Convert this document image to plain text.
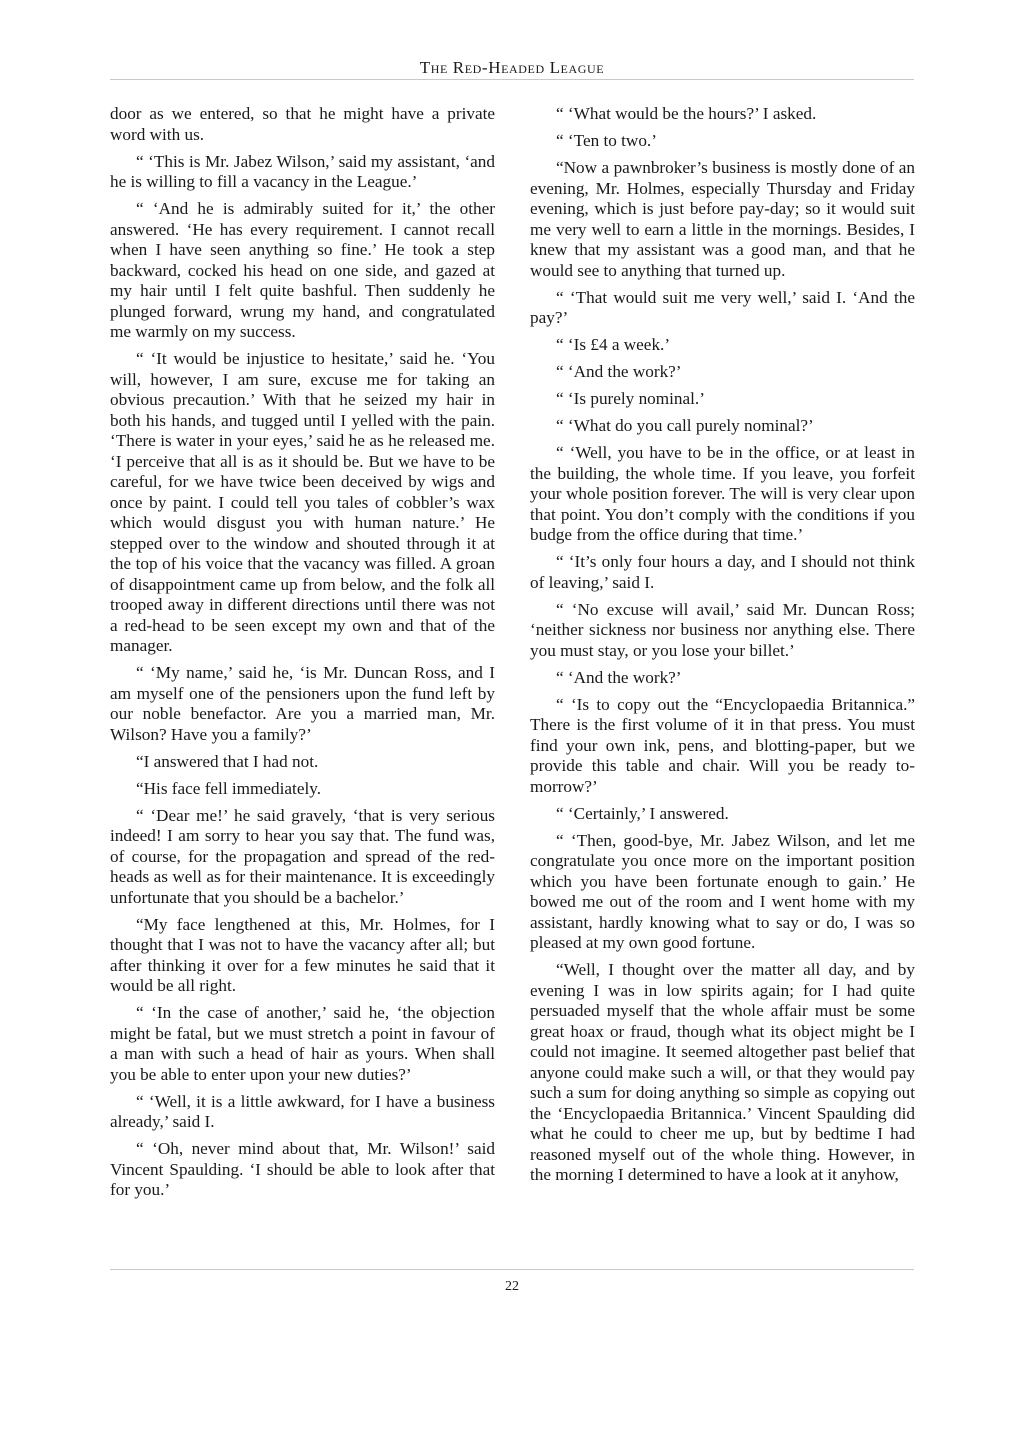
The Red-Headed League

door as we entered, so that he might have a private word with us.

“ ‘This is Mr. Jabez Wilson,’ said my assistant, ‘and he is willing to fill a vacancy in the League.’

“ ‘And he is admirably suited for it,’ the other answered. ‘He has every requirement. I cannot recall when I have seen anything so fine.’ He took a step backward, cocked his head on one side, and gazed at my hair until I felt quite bashful. Then suddenly he plunged forward, wrung my hand, and congratulated me warmly on my success.

“ ‘It would be injustice to hesitate,’ said he. ‘You will, however, I am sure, excuse me for taking an obvious precaution.’ With that he seized my hair in both his hands, and tugged until I yelled with the pain. ‘There is water in your eyes,’ said he as he released me. ‘I perceive that all is as it should be. But we have to be careful, for we have twice been deceived by wigs and once by paint. I could tell you tales of cobbler’s wax which would disgust you with human nature.’ He stepped over to the window and shouted through it at the top of his voice that the vacancy was filled. A groan of disappointment came up from below, and the folk all trooped away in different directions until there was not a red-head to be seen except my own and that of the manager.

“ ‘My name,’ said he, ‘is Mr. Duncan Ross, and I am myself one of the pensioners upon the fund left by our noble benefactor. Are you a married man, Mr. Wilson? Have you a family?’

“I answered that I had not.

“His face fell immediately.

“ ‘Dear me!’ he said gravely, ‘that is very serious indeed! I am sorry to hear you say that. The fund was, of course, for the propagation and spread of the red-heads as well as for their maintenance. It is exceedingly unfortunate that you should be a bachelor.’

“My face lengthened at this, Mr. Holmes, for I thought that I was not to have the vacancy after all; but after thinking it over for a few minutes he said that it would be all right.

“ ‘In the case of another,’ said he, ‘the objection might be fatal, but we must stretch a point in favour of a man with such a head of hair as yours. When shall you be able to enter upon your new duties?’

“ ‘Well, it is a little awkward, for I have a business already,’ said I.

“ ‘Oh, never mind about that, Mr. Wilson!’ said Vincent Spaulding. ‘I should be able to look after that for you.’

“ ‘What would be the hours?’ I asked.

“ ‘Ten to two.’

“Now a pawnbroker’s business is mostly done of an evening, Mr. Holmes, especially Thursday and Friday evening, which is just before pay-day; so it would suit me very well to earn a little in the mornings. Besides, I knew that my assistant was a good man, and that he would see to anything that turned up.

“ ‘That would suit me very well,’ said I. ‘And the pay?’

“ ‘Is £4 a week.’

“ ‘And the work?’

“ ‘Is purely nominal.’

“ ‘What do you call purely nominal?’

“ ‘Well, you have to be in the office, or at least in the building, the whole time. If you leave, you forfeit your whole position forever. The will is very clear upon that point. You don’t comply with the conditions if you budge from the office during that time.’

“ ‘It’s only four hours a day, and I should not think of leaving,’ said I.

“ ‘No excuse will avail,’ said Mr. Duncan Ross; ‘neither sickness nor business nor anything else. There you must stay, or you lose your billet.’

“ ‘And the work?’

“ ‘Is to copy out the “Encyclopaedia Britannica.” There is the first volume of it in that press. You must find your own ink, pens, and blotting-paper, but we provide this table and chair. Will you be ready to-morrow?’

“ ‘Certainly,’ I answered.

“ ‘Then, good-bye, Mr. Jabez Wilson, and let me congratulate you once more on the important position which you have been fortunate enough to gain.’ He bowed me out of the room and I went home with my assistant, hardly knowing what to say or do, I was so pleased at my own good fortune.

“Well, I thought over the matter all day, and by evening I was in low spirits again; for I had quite persuaded myself that the whole affair must be some great hoax or fraud, though what its object might be I could not imagine. It seemed altogether past belief that anyone could make such a will, or that they would pay such a sum for doing anything so simple as copying out the ‘Encyclopaedia Britannica.’ Vincent Spaulding did what he could to cheer me up, but by bedtime I had reasoned myself out of the whole thing. However, in the morning I determined to have a look at it anyhow,

22
